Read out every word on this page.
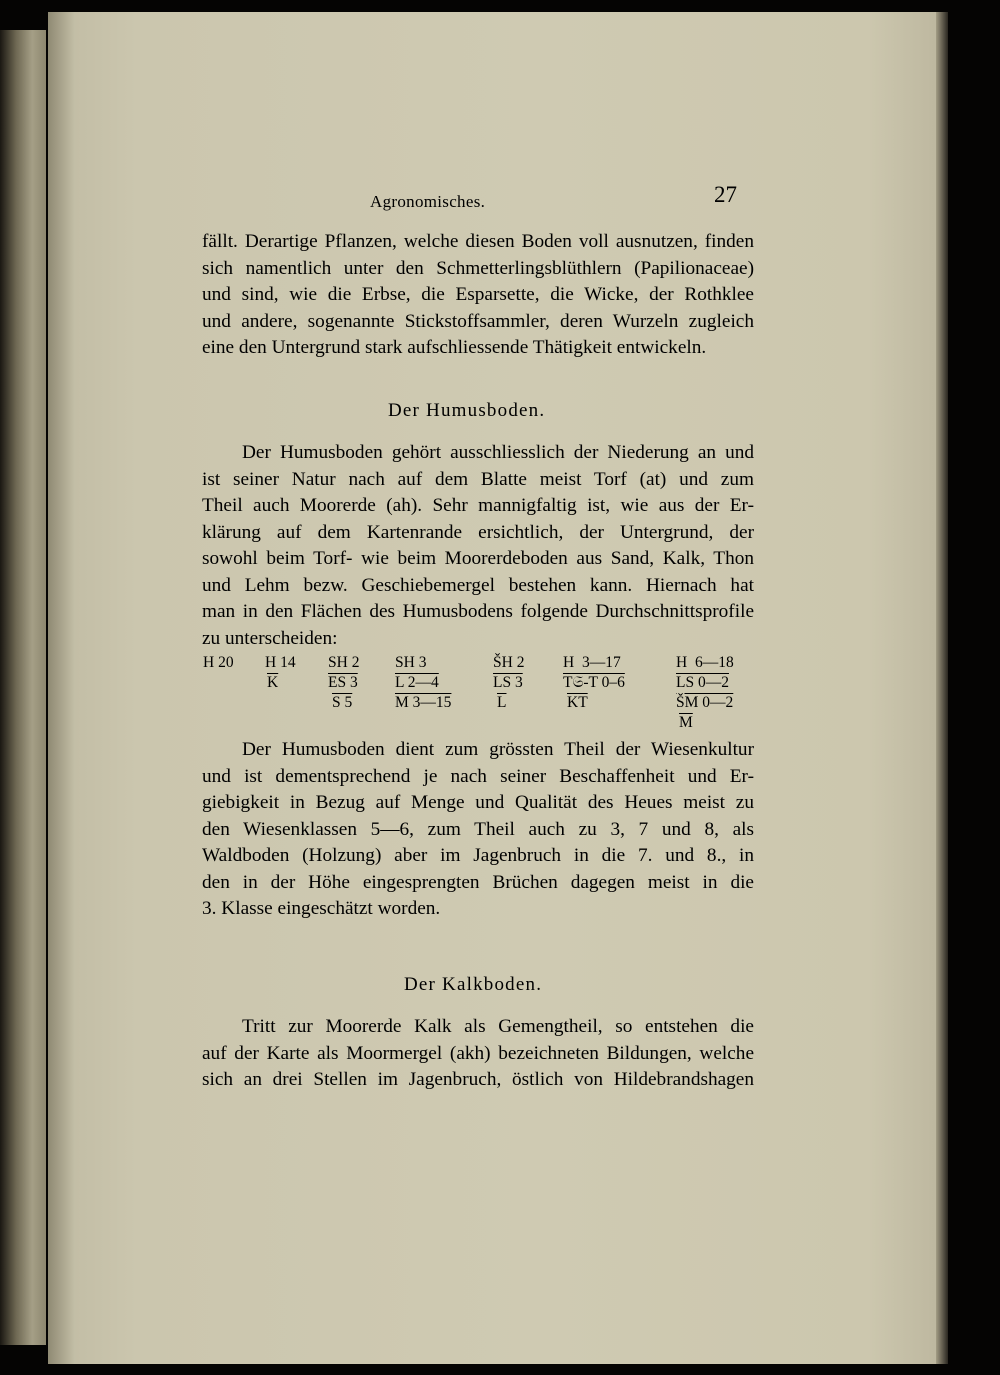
Agronomisches.	27

fällt. Derartige Pflanzen, welche diesen Boden voll ausnutzen, finden
sich namentlich unter den Schmetterlingsblüthlern (Papilionaceae)
und sind, wie die Erbse, die Esparsette, die Wicke, der Rothklee
und andere, sogenannte Stickstoffsammler, deren Wurzeln zugleich
eine den Untergrund stark aufschliessende Thätigkeit entwickeln.

Der Humusboden.

Der Humusboden gehört ausschliesslich der Niederung an und
ist seiner Natur nach auf dem Blatte meist Torf (at) und zum
Theil auch Moorerde (ah). Sehr mannigfaltig ist, wie aus der Er-
klärung auf dem Kartenrande ersichtlich, der Untergrund, der
sowohl beim Torf- wie beim Moorerdeboden aus Sand, Kalk, Thon
und Lehm bezw. Geschiebemergel bestehen kann. Hiernach hat
man in den Flächen des Humusbodens folgende Durchschnittsprofile
zu unterscheiden:

H 20 H 14
$\overline{K}$
SH 2
ES 3
S 5
SH 3
L 2—4
M 3—15
ŠH 2
LS 3
$\overline{L}$
H  3—17
T𝔖-T 0–6
$\overline{KT}$
H  6—18
LS 0—2
ŠM 0—2
$\overline{M}$

Der Humusboden dient zum grössten Theil der Wiesenkultur
und ist dementsprechend je nach seiner Beschaffenheit und Er-
giebigkeit in Bezug auf Menge und Qualität des Heues meist zu
den Wiesenklassen 5—6, zum Theil auch zu 3, 7 und 8, als
Waldboden (Holzung) aber im Jagenbruch in die 7. und 8., in
den in der Höhe eingesprengten Brüchen dagegen meist in die
3. Klasse eingeschätzt worden.

Der Kalkboden.

Tritt zur Moorerde Kalk als Gemengtheil, so entstehen die
auf der Karte als Moormergel (akh) bezeichneten Bildungen, welche
sich an drei Stellen im Jagenbruch, östlich von Hildebrandshagen
